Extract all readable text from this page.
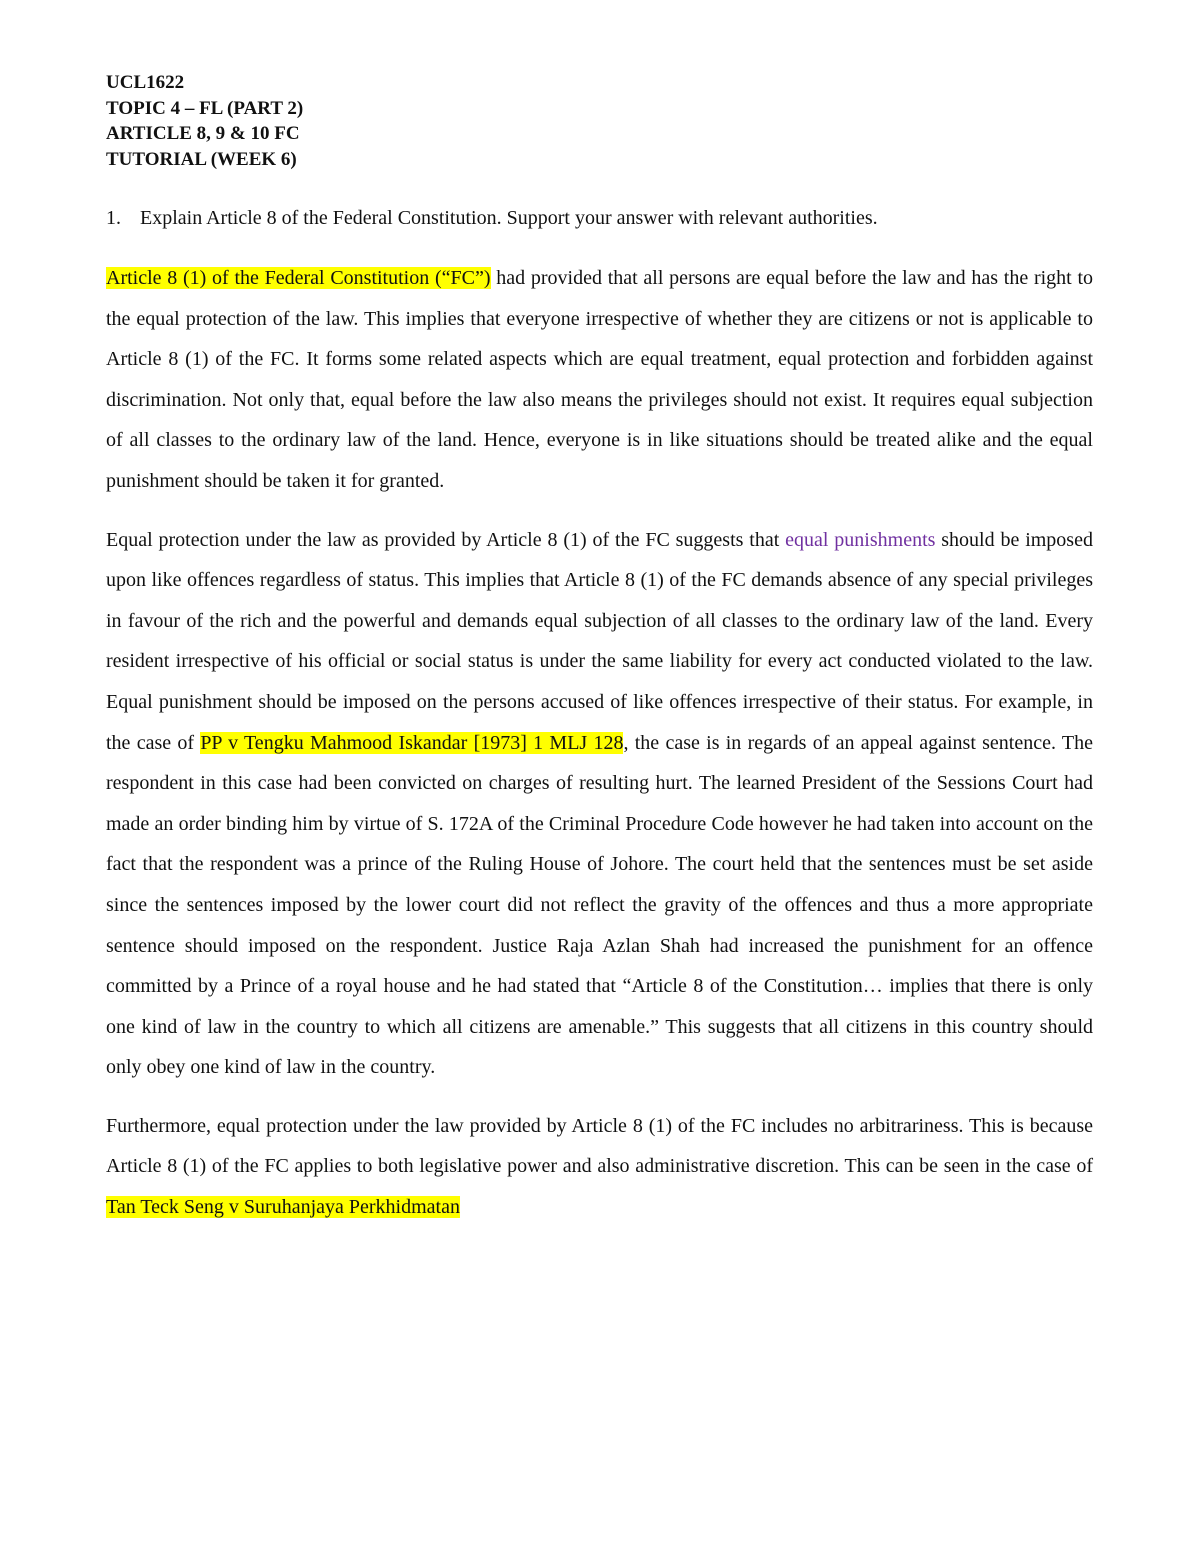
UCL1622
TOPIC 4 – FL (PART 2)
ARTICLE 8, 9 & 10 FC
TUTORIAL (WEEK 6)
1. Explain Article 8 of the Federal Constitution. Support your answer with relevant authorities.

Article 8 (1) of the Federal Constitution (“FC”) had provided that all persons are equal before the law and has the right to the equal protection of the law. This implies that everyone irrespective of whether they are citizens or not is applicable to Article 8 (1) of the FC. It forms some related aspects which are equal treatment, equal protection and forbidden against discrimination. Not only that, equal before the law also means the privileges should not exist. It requires equal subjection of all classes to the ordinary law of the land. Hence, everyone is in like situations should be treated alike and the equal punishment should be taken it for granted.

Equal protection under the law as provided by Article 8 (1) of the FC suggests that equal punishments should be imposed upon like offences regardless of status. This implies that Article 8 (1) of the FC demands absence of any special privileges in favour of the rich and the powerful and demands equal subjection of all classes to the ordinary law of the land. Every resident irrespective of his official or social status is under the same liability for every act conducted violated to the law. Equal punishment should be imposed on the persons accused of like offences irrespective of their status. For example, in the case of PP v Tengku Mahmood Iskandar [1973] 1 MLJ 128, the case is in regards of an appeal against sentence. The respondent in this case had been convicted on charges of resulting hurt. The learned President of the Sessions Court had made an order binding him by virtue of S. 172A of the Criminal Procedure Code however he had taken into account on the fact that the respondent was a prince of the Ruling House of Johore. The court held that the sentences must be set aside since the sentences imposed by the lower court did not reflect the gravity of the offences and thus a more appropriate sentence should imposed on the respondent. Justice Raja Azlan Shah had increased the punishment for an offence committed by a Prince of a royal house and he had stated that “Article 8 of the Constitution… implies that there is only one kind of law in the country to which all citizens are amenable.” This suggests that all citizens in this country should only obey one kind of law in the country.

Furthermore, equal protection under the law provided by Article 8 (1) of the FC includes no arbitrariness. This is because Article 8 (1) of the FC applies to both legislative power and also administrative discretion. This can be seen in the case of Tan Teck Seng v Suruhanjaya Perkhidmatan
